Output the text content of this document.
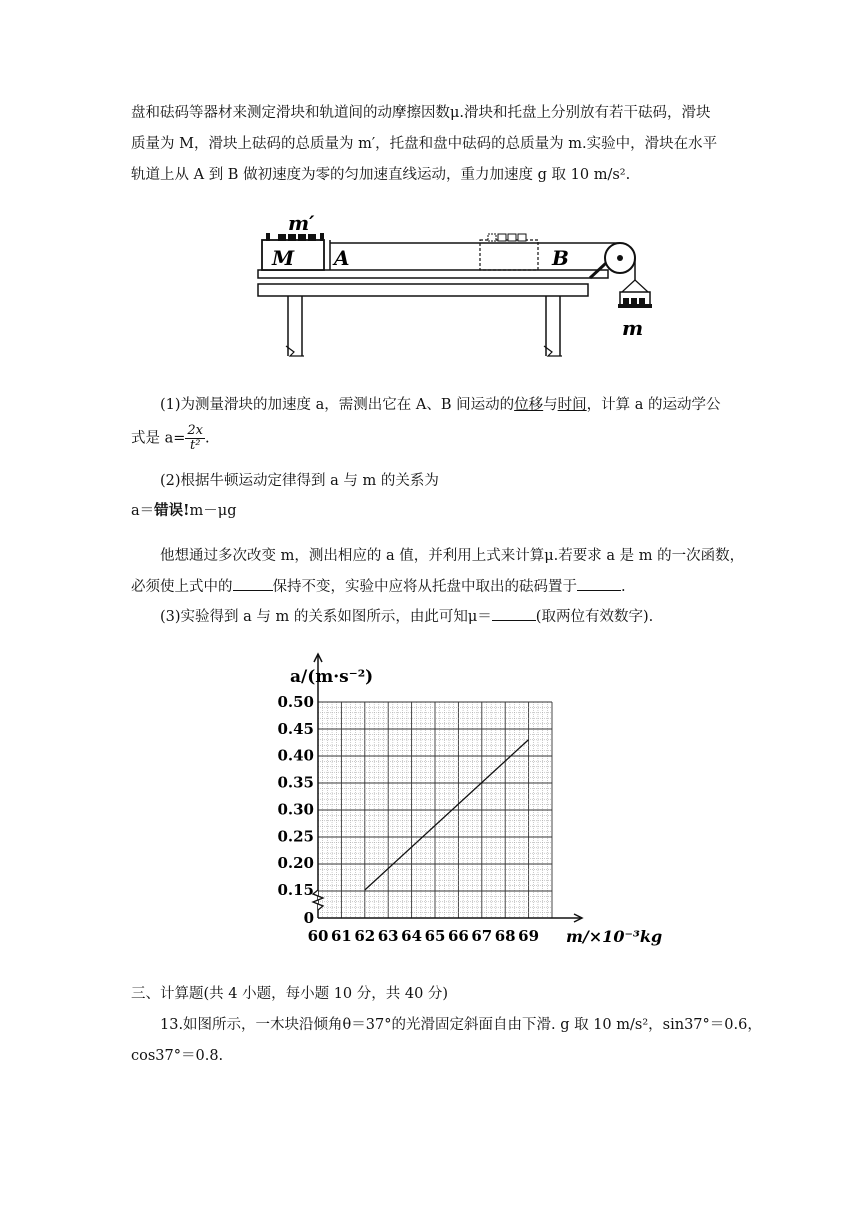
盘和砝码等器材来测定滑块和轨道间的动摩擦因数μ.滑块和托盘上分别放有若干砝码，滑块
质量为 M，滑块上砝码的总质量为 m′，托盘和盘中砝码的总质量为 m.实验中，滑块在水平
轨道上从 A 到 B 做初速度为零的匀加速直线运动，重力加速度 g 取 10 m/s².
m′
M A	B
m
(1)为测量滑块的加速度 a，需测出它在 A、B 间运动的位移与时间，计算 a 的运动学公
式是 $a= \frac{2x}{\text{t²}}$ .
(2)根据牛顿运动定律得到 a 与 m 的关系为
a＝错误!m－μg
他想通过多次改变 m，测出相应的 a 值，并利用上式来计算μ.若要求 a 是 m 的一次函数，
必须使上式中的	保持不变，实验中应将从托盘中取出的砝码置于	.
(3)实验得到 a 与 m 的关系如图所示，由此可知μ＝	(取两位有效数字).
0
0.15
0.20
0.25
0.30
0.35
0.40
0.45
0.50
60 61 62 63 64 65 66 67 68 69
a/(m·s⁻²)
m/×10⁻³kg
三、计算题(共 4 小题，每小题 10 分，共 40 分)
13.如图所示，一木块沿倾角θ＝37°的光滑固定斜面自由下滑. g 取 10 m/s²，sin37°＝0.6，
cos37°＝0.8.
